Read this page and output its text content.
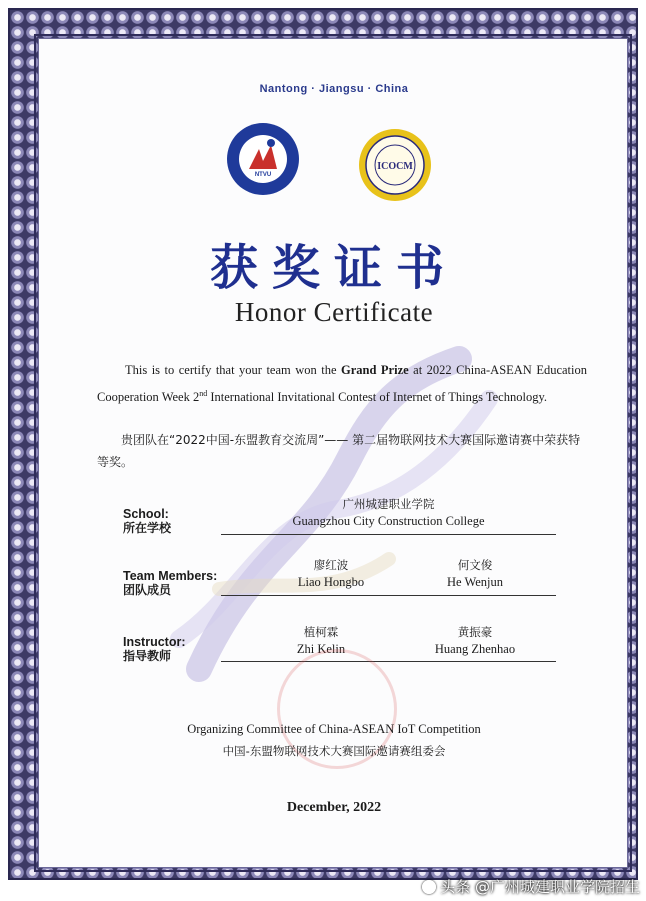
Nantong · Jiangsu · China
NTVU
ICOCM
获奖证书
Honor Certificate
This is to certify that your team won the Grand Prize at 2022 China-ASEAN Education Cooperation Week 2nd International Invitational Contest of Internet of Things Technology.
贵团队在“2022中国-东盟教育交流周”—— 第二届物联网技术大赛国际邀请赛中荣获特等奖。
School:
所在学校
广州城建职业学院
Guangzhou City Construction College
Team Members:
团队成员
廖红波
Liao Hongbo
何文俊
He Wenjun
Instructor:
指导教师
植柯霖
Zhi Kelin
黄振豪
Huang Zhenhao
Organizing Committee of China-ASEAN IoT Competition
中国-东盟物联网技术大赛国际邀请赛组委会
December, 2022
头条 @广州城建职业学院招生
